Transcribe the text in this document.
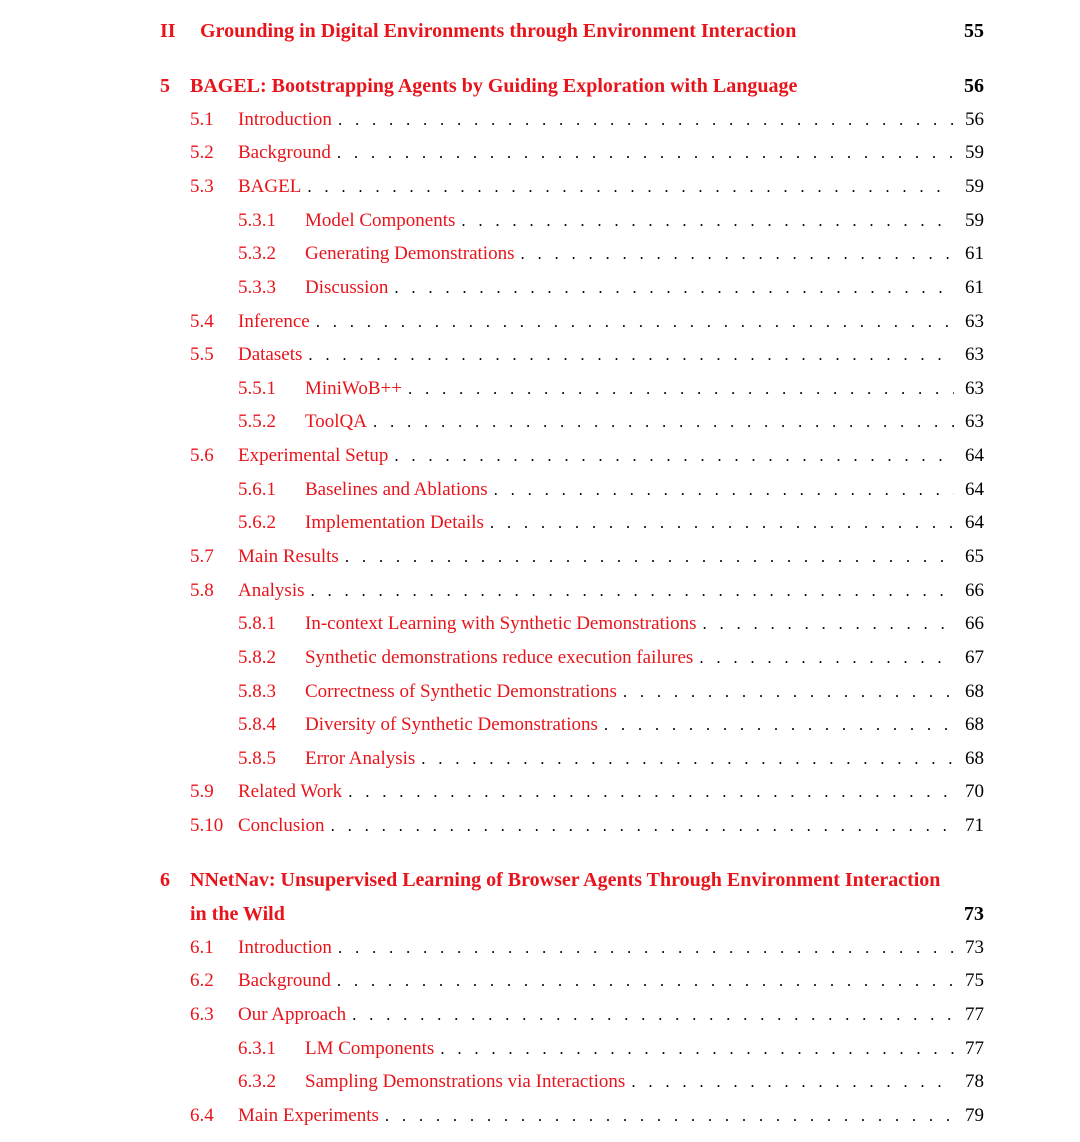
II	Grounding in Digital Environments through Environment Interaction	55
5	BAGEL: Bootstrapping Agents by Guiding Exploration with Language	56
5.1	Introduction .   .	56
5.2	Background .   .	59
5.3	BAGEL .   .	59
5.3.1	Model Components .   .	59
5.3.2	Generating Demonstrations .   .	61
5.3.3	Discussion .   .	61
5.4	Inference .   .	63
5.5	Datasets .   .	63
5.5.1	MiniWoB++ .   .	63
5.5.2	ToolQA .   .	63
5.6	Experimental Setup .   .	64
5.6.1	Baselines and Ablations .   .	64
5.6.2	Implementation Details .   .	64
5.7	Main Results .   .	65
5.8	Analysis .   .	66
5.8.1	In-context Learning with Synthetic Demonstrations .   .	66
5.8.2	Synthetic demonstrations reduce execution failures .   .	67
5.8.3	Correctness of Synthetic Demonstrations .   .	68
5.8.4	Diversity of Synthetic Demonstrations .   .	68
5.8.5	Error Analysis .   .	68
5.9	Related Work .   .	70
5.10 Conclusion .   .	71
6	NNetNav: Unsupervised Learning of Browser Agents Through Environment Interaction
in the Wild	73
6.1	Introduction .   .	73
6.2	Background .   .	75
6.3	Our Approach .   .	77
6.3.1	LM Components .   .	77
6.3.2	Sampling Demonstrations via Interactions .   .	78
6.4	Main Experiments .   .	79
